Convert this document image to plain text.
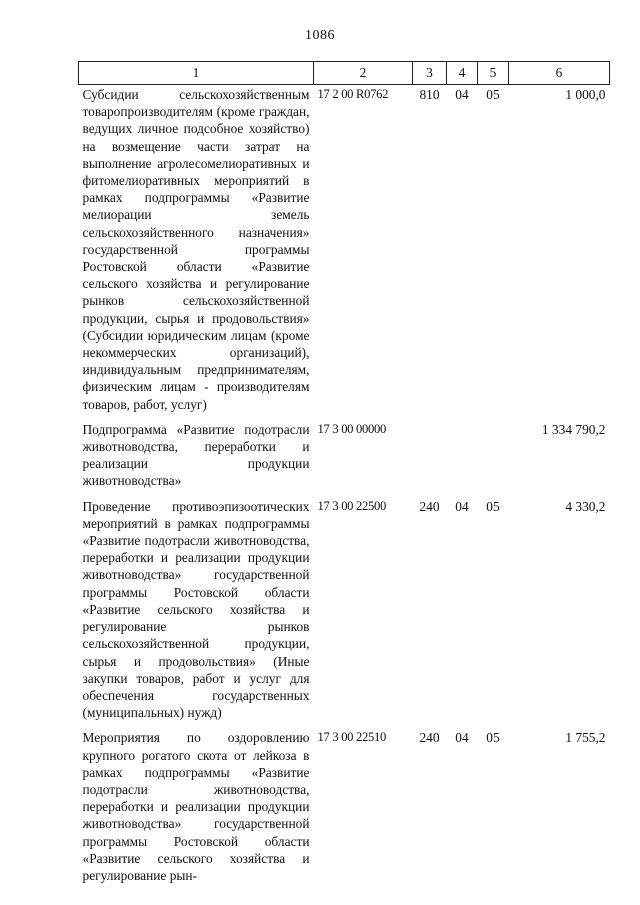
1086
1	2	3	4	5	6
Субсидии сельскохозяйственным товаропроизводителям (кроме граждан, ведущих личное подсобное хозяйство) на возмещение части затрат на выполнение агролесомелиоративных и фитомелиоративных мероприятий в рамках подпрограммы «Развитие мелиорации земель сельскохозяйственного назначения» государственной программы Ростовской области «Развитие сельского хозяйства и регулирование рынков сельскохозяйственной продукции, сырья и продовольствия» (Субсидии юридическим лицам (кроме некоммерческих организаций), индивидуальным предпринимателям, физическим лицам - производителям товаров, работ, услуг)	17 2 00 R0762	810	04	05	1 000,0
Подпрограмма «Развитие подотрасли животноводства, переработки и реализации продукции животноводства»	17 3 00 00000				1 334 790,2
Проведение противоэпизоотических мероприятий в рамках подпрограммы «Развитие подотрасли животноводства, переработки и реализации продукции животноводства» государственной программы Ростовской области «Развитие сельского хозяйства и регулирование рынков сельскохозяйственной продукции, сырья и продовольствия» (Иные закупки товаров, работ и услуг для обеспечения государственных (муниципальных) нужд)	17 3 00 22500	240	04	05	4 330,2
Мероприятия по оздоровлению крупного рогатого скота от лейкоза в рамках подпрограммы «Развитие подотрасли животноводства, переработки и реализации продукции животноводства» государственной программы Ростовской области «Развитие сельского хозяйства и регулирование рын-	17 3 00 22510	240	04	05	1 755,2
